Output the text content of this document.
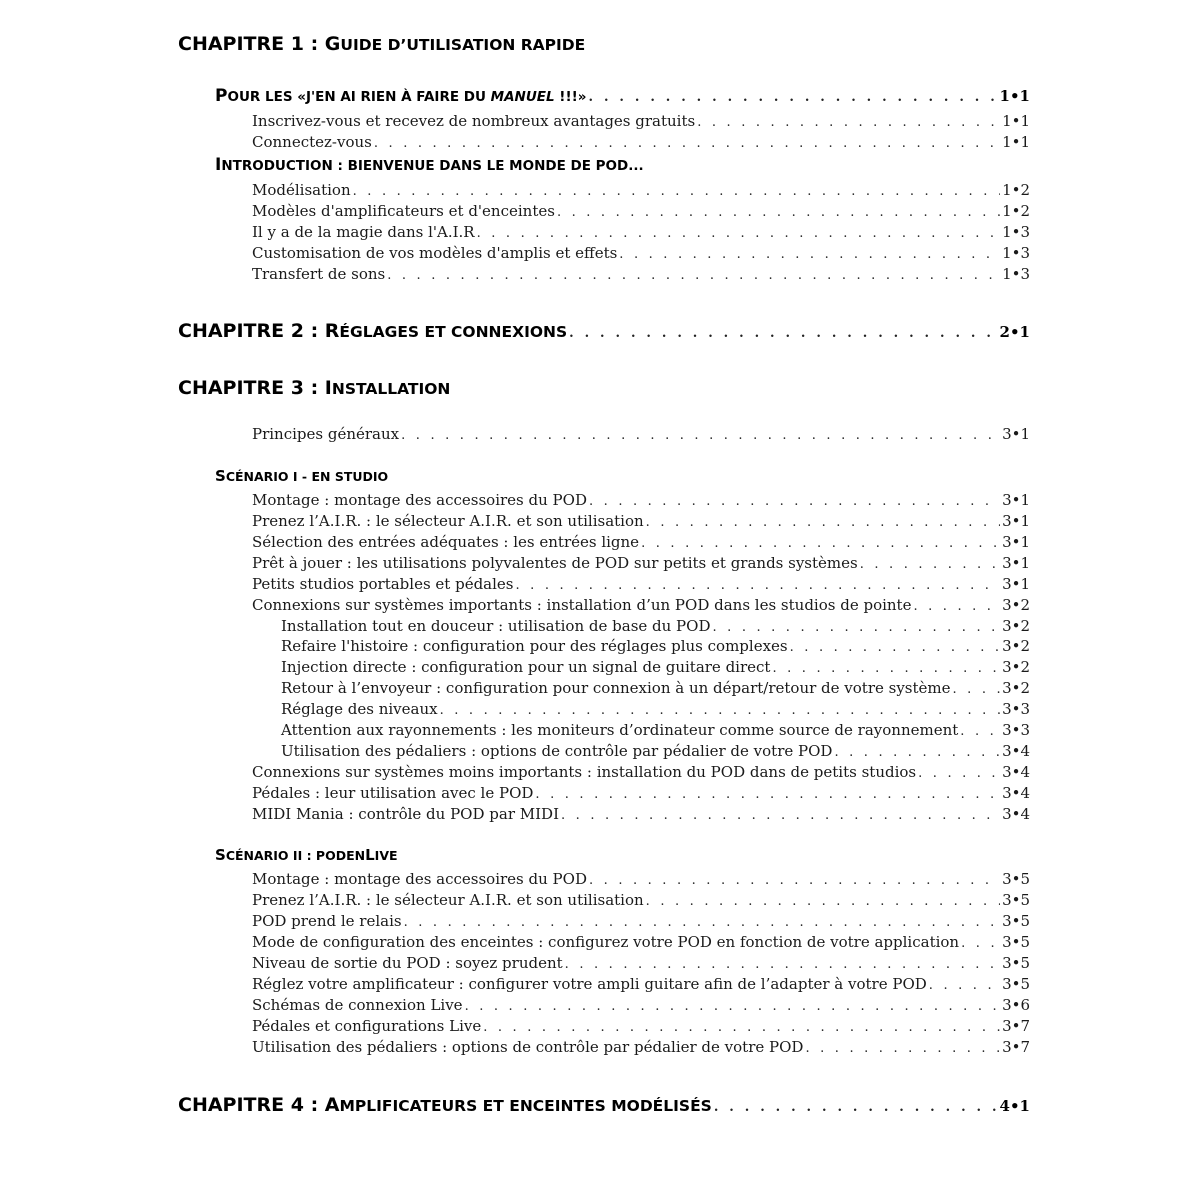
CHAPITRE 1 : G UIDE D’UTILISATION RAPIDE
POUR LES «J'EN AI RIEN À FAIRE DU MANUEL !!!» . . .	1•1
Inscrivez-vous et recevez de nombreux avantages gratuits . . .	1•1
Connectez-vous . . .	1•1
I NTRODUCTION : B IENVENUE DANS LE MONDE DE POD...
Modélisation . . .	1•2
Modèles d'amplificateurs et d'enceintes . . .	1•2
Il y a de la magie dans l'A.I.R . . .	1•3
Customisation de vos modèles d'amplis et effets . . .	1•3
Transfert de sons . . .	1•3
CHAPITRE 2 : RÉGLAGES ET CONNEXIONS . . .	2•1
CHAPITRE 3 : I NSTALLATION
Principes généraux . . .	3•1
S CÉNARIO I - E N STUDIO
Montage : montage des accessoires du POD . . .	3•1
Prenez l’A.I.R. : le sélecteur A.I.R. et son utilisation . . .	3•1
Sélection des entrées adéquates : les entrées ligne . . .	3•1
Prêt à jouer : les utilisations polyvalentes de POD sur petits et grands systèmes . . .	3•1
Petits studios portables et pédales . . .	3•1
Connexions sur systèmes importants : installation d’un POD dans les studios de pointe . . .	3•2
Installation tout en douceur : utilisation de base du POD . . .	3•2
Refaire l'histoire : configuration pour des réglages plus complexes . . .	3•2
Injection directe : configuration pour un signal de guitare direct . . .	3•2
Retour à l’envoyeur : configuration pour connexion à un départ/retour de votre système . . .	3•2
Réglage des niveaux . . .	3•3
Attention aux rayonnements : les moniteurs d’ordinateur comme source de rayonnement . . .	3•3
Utilisation des pédaliers : options de contrôle par pédalier de votre POD . . .	3•4
Connexions sur systèmes moins importants : installation du POD dans de petits studios . . .	3•4
Pédales : leur utilisation avec le POD . . .	3•4
MIDI Mania : contrôle du POD par MIDI . . .	3•4
S CÉNARIO II : POD EN L IVE
Montage : montage des accessoires du POD . . .	3•5
Prenez l’A.I.R. : le sélecteur A.I.R. et son utilisation . . .	3•5
POD prend le relais . . .	3•5
Mode de configuration des enceintes : configurez votre POD en fonction de votre application . . .	3•5
Niveau de sortie du POD : soyez prudent . . .	3•5
Réglez votre amplificateur : configurer votre ampli guitare afin de l’adapter à votre POD . . .	3•5
Schémas de connexion Live . . .	3•6
Pédales et configurations Live . . .	3•7
Utilisation des pédaliers : options de contrôle par pédalier de votre POD . . .	3•7
CHAPITRE 4 : AMPLIFICATEURS ET ENCEINTES MODÉLISÉS . . .	4•1
